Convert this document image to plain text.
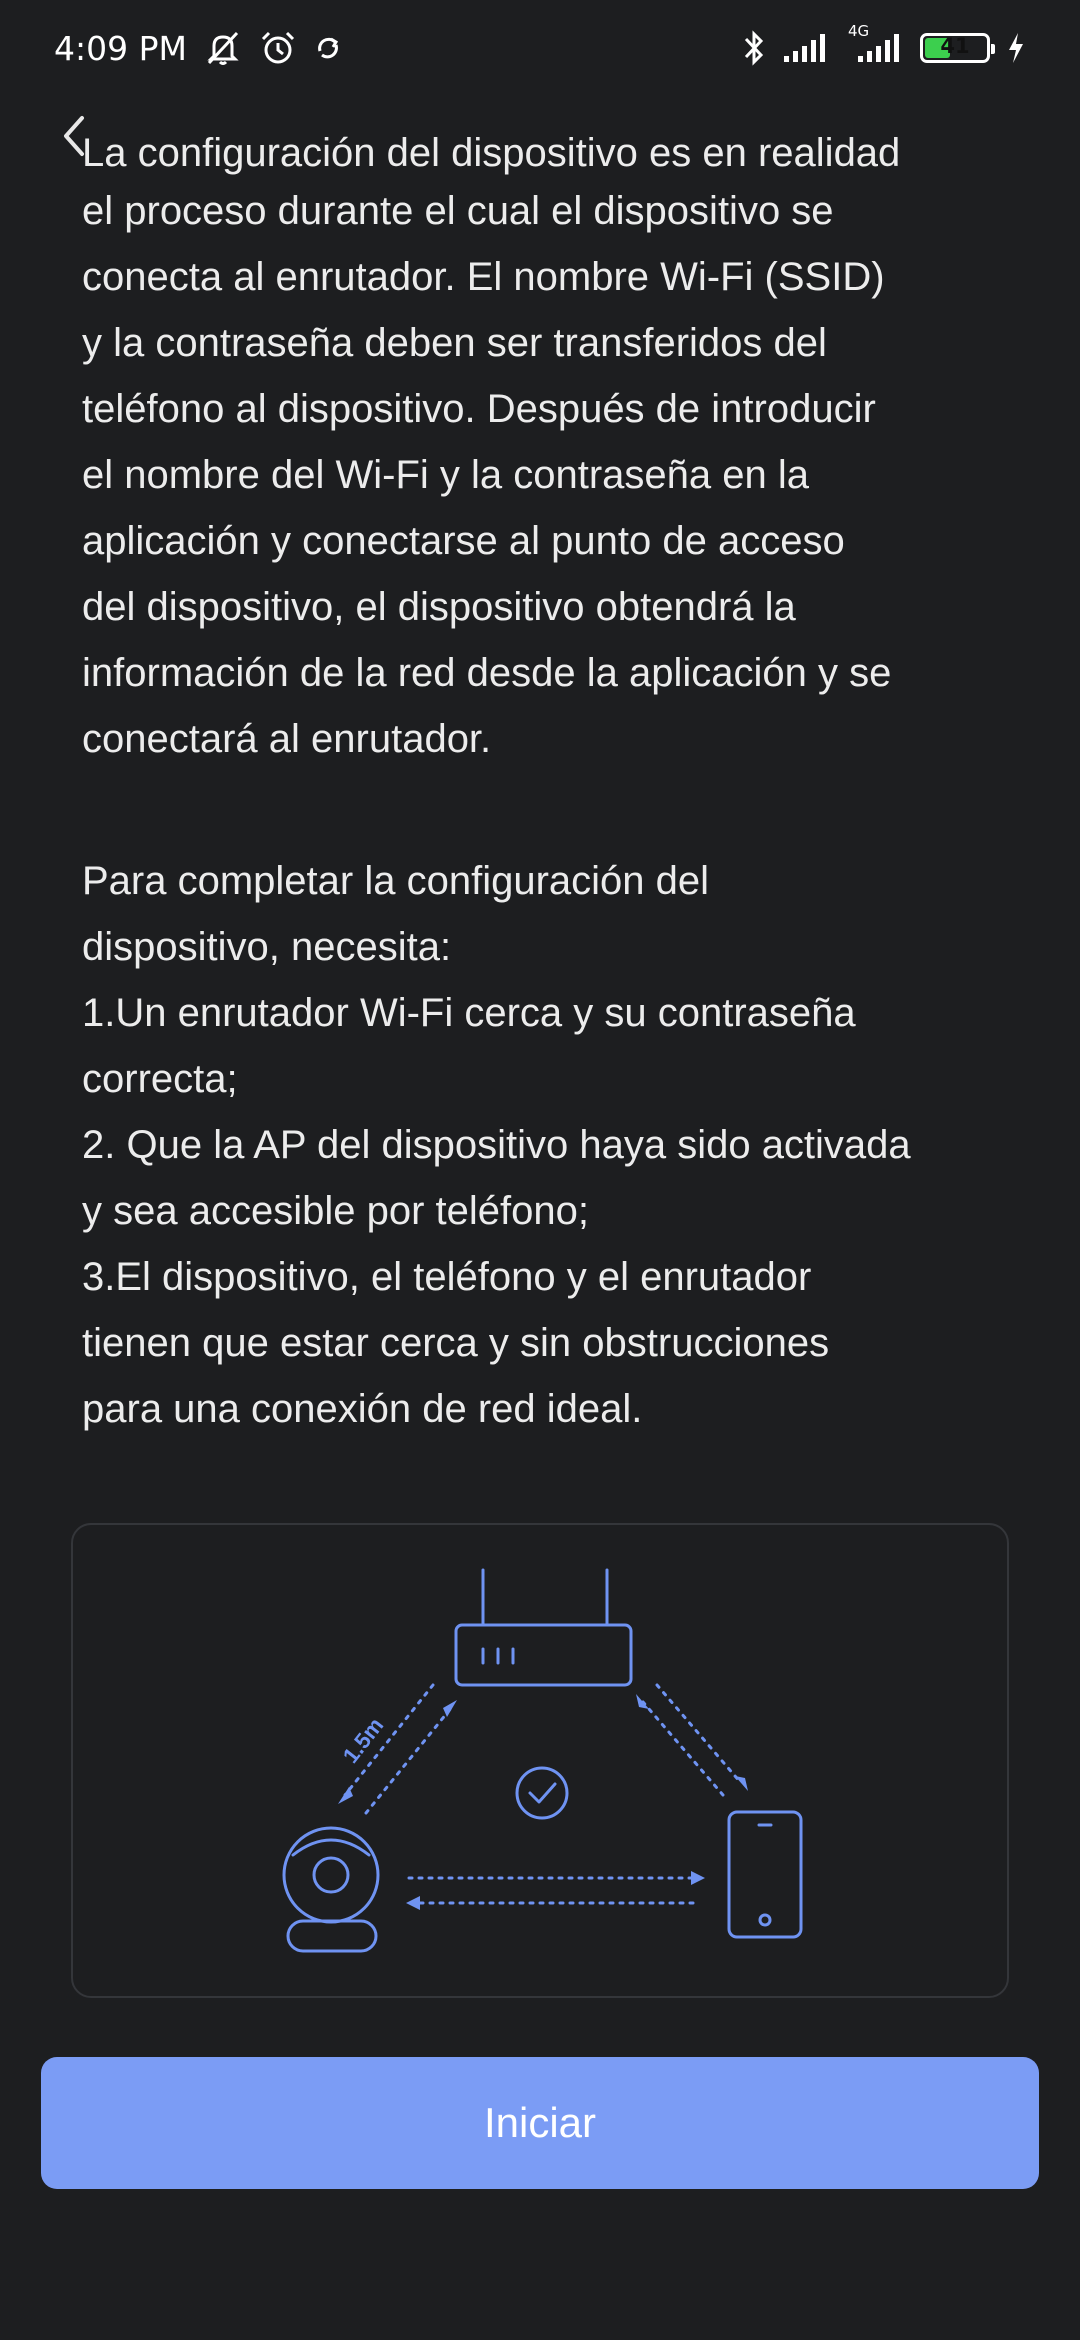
4:09 PM	4G
41
La configuración del dispositivo es en realidad
el proceso durante el cual el dispositivo se
conecta al enrutador. El nombre Wi-Fi (SSID)
y la contraseña deben ser transferidos del
teléfono al dispositivo. Después de introducir
el nombre del Wi-Fi y la contraseña en la
aplicación y conectarse al punto de acceso
del dispositivo, el dispositivo obtendrá la
información de la red desde la aplicación y se
conectará al enrutador.
Para completar la configuración del
dispositivo, necesita:
1.Un enrutador Wi-Fi cerca y su contraseña
correcta;
2. Que la AP del dispositivo haya sido activada
y sea accesible por teléfono;
3.El dispositivo, el teléfono y el enrutador
tienen que estar cerca y sin obstrucciones
para una conexión de red ideal.
1.5m
Iniciar
